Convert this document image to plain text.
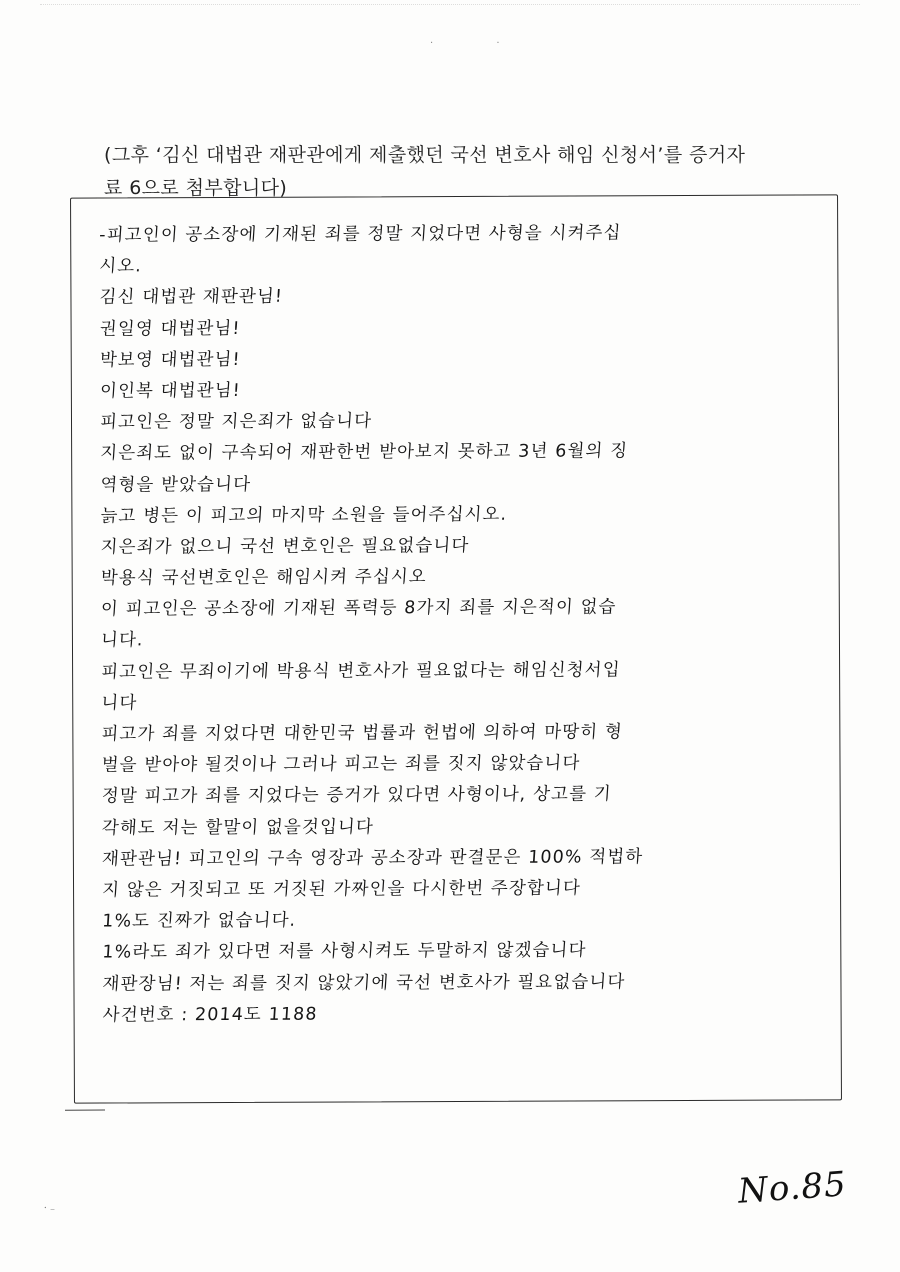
· ·

(그후 ‘김신 대법관 재판관에게 제출했던 국선 변호사 해임 신청서’를 증거자료 6으로 첨부합니다)

-피고인이 공소장에 기재된 죄를 정말 지었다면 사형을 시켜주십
시오.
김신 대법관 재판관님!
권일영 대법관님!
박보영 대법관님!
이인복 대법관님!
피고인은 정말 지은죄가 없습니다
지은죄도 없이 구속되어 재판한번 받아보지 못하고 3년 6월의 징
역형을 받았습니다
늙고 병든 이 피고의 마지막 소원을 들어주십시오.
지은죄가 없으니 국선 변호인은 필요없습니다
박용식 국선변호인은 해임시켜 주십시오
이 피고인은 공소장에 기재된 폭력등 8가지 죄를 지은적이 없습
니다.
피고인은 무죄이기에 박용식 변호사가 필요없다는 해임신청서입
니다
피고가 죄를 지었다면 대한민국 법률과 헌법에 의하여 마땅히 형
벌을 받아야 될것이나 그러나 피고는 죄를 짓지 않았습니다
정말 피고가 죄를 지었다는 증거가 있다면 사형이나, 상고를 기
각해도 저는 할말이 없을것입니다
재판관님! 피고인의 구속 영장과 공소장과 판결문은 100% 적법하
지 않은 거짓되고 또 거짓된 가짜인을 다시한번 주장합니다
1%도 진짜가 없습니다.
1%라도 죄가 있다면 저를 사형시켜도 두말하지 않겠습니다
재판장님! 저는 죄를 짓지 않았기에 국선 변호사가 필요없습니다
사건번호 : 2014도 1188
No.85
⸱ ₋
